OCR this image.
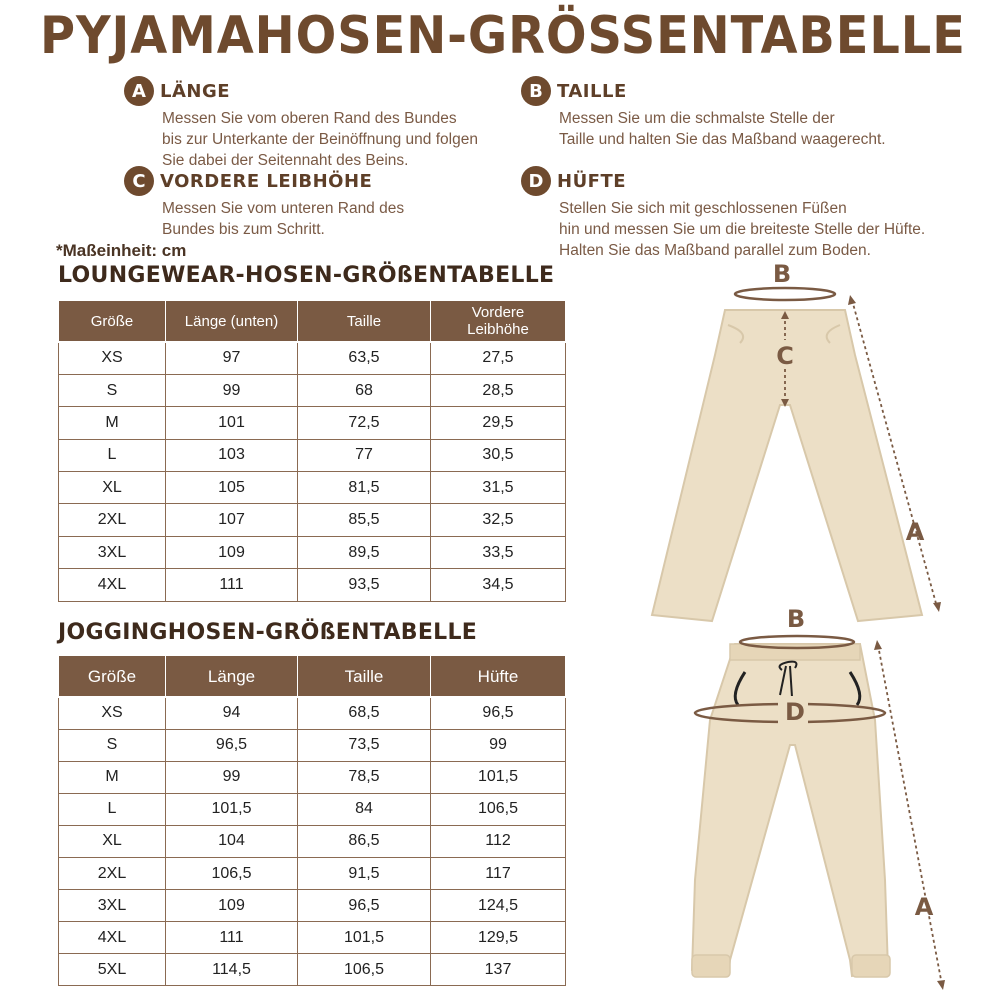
PYJAMAHOSEN-GRÖSSENTABELLE
A LÄNGE
Messen Sie vom oberen Rand des Bundes
bis zur Unterkante der Beinöffnung und folgen
Sie dabei der Seitennaht des Beins.
B TAILLE
Messen Sie um die schmalste Stelle der
Taille und halten Sie das Maßband waagerecht.
C VORDERE LEIBHÖHE
Messen Sie vom unteren Rand des
Bundes bis zum Schritt.
D HÜFTE
Stellen Sie sich mit geschlossenen Füßen
hin und messen Sie um die breiteste Stelle der Hüfte.
Halten Sie das Maßband parallel zum Boden.
*Maßeinheit: cm
LOUNGEWEAR-HOSEN-GRÖßENTABELLE
Größe	Länge (unten)	Taille	Vordere Leibhöhe
XS	97	63,5	27,5
S	99	68	28,5
M	101	72,5	29,5
L	103	77	30,5
XL	105	81,5	31,5
2XL	107	85,5	32,5
3XL	109	89,5	33,5
4XL	111	93,5	34,5
JOGGINGHOSEN-GRÖßENTABELLE
Größe	Länge	Taille	Hüfte
XS	94	68,5	96,5
S	96,5	73,5	99
M	99	78,5	101,5
L	101,5	84	106,5
XL	104	86,5	112
2XL	106,5	91,5	117
3XL	109	96,5	124,5
4XL	111	101,5	129,5
5XL	114,5	106,5	137
B
C
A
B
D
A
